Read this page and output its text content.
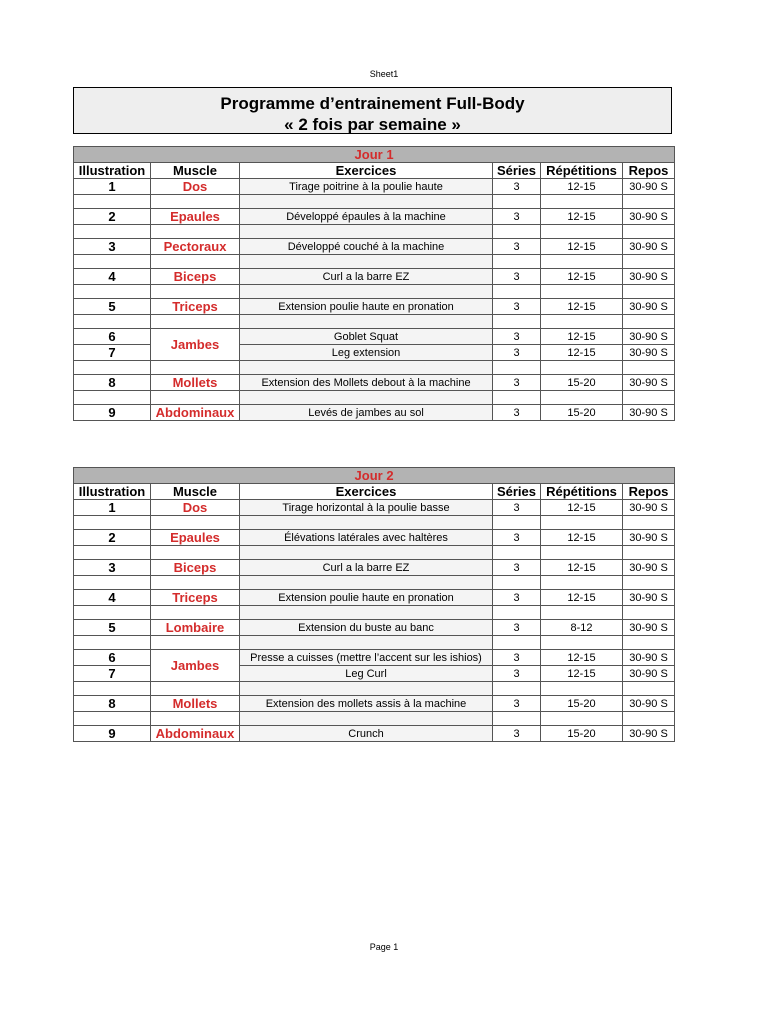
Sheet1
Programme d’entrainement Full-Body
« 2 fois par semaine »
Jour 1					
Illustration	Muscle	Exercices	Séries	Répétitions	Repos
1	Dos	Tirage poitrine à la poulie haute	3	12-15	30-90 S

2	Epaules	Développé épaules à la machine	3	12-15	30-90 S

3	Pectoraux	Développé couché à la machine	3	12-15	30-90 S

4	Biceps	Curl a la barre EZ	3	12-15	30-90 S

5	Triceps	Extension poulie haute en pronation	3	12-15	30-90 S

6	Jambes	Goblet Squat	3	12-15	30-90 S
7		Leg extension	3	12-15	30-90 S

8	Mollets	Extension des Mollets debout à la machine	3	15-20	30-90 S

9	Abdominaux	Levés de jambes au sol	3	15-20	30-90 S
Jour 2					
Illustration	Muscle	Exercices	Séries	Répétitions	Repos
1	Dos	Tirage horizontal à la poulie basse	3	12-15	30-90 S

2	Epaules	Élévations latérales avec haltères	3	12-15	30-90 S

3	Biceps	Curl a la barre EZ	3	12-15	30-90 S

4	Triceps	Extension poulie haute en pronation	3	12-15	30-90 S

5	Lombaire	Extension du buste au banc	3	8-12	30-90 S

6	Jambes	Presse a cuisses (mettre l’accent sur les ishios)	3	12-15	30-90 S
7		Leg Curl	3	12-15	30-90 S

8	Mollets	Extension des mollets assis à la machine	3	15-20	30-90 S

9	Abdominaux	Crunch	3	15-20	30-90 S
Page 1
